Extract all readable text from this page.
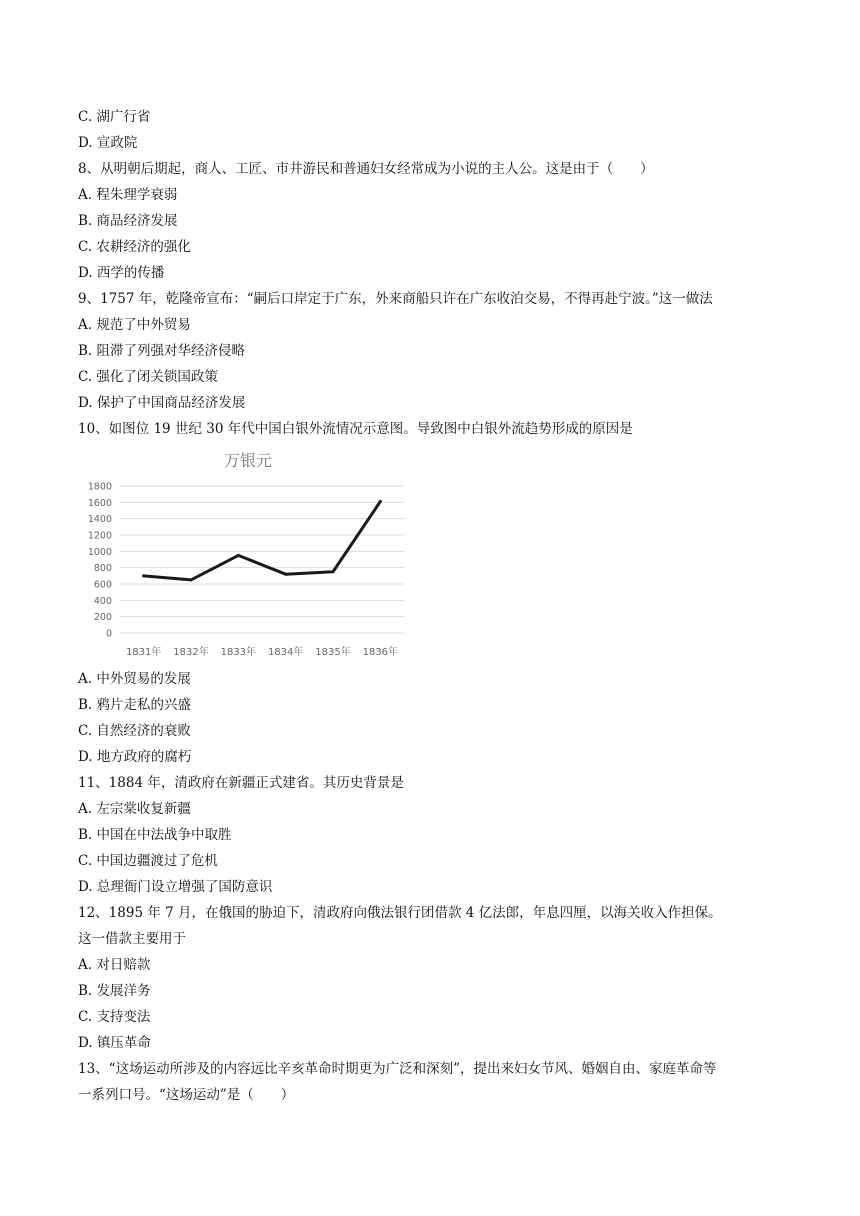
C. 湖广行省
D. 宣政院
8、从明朝后期起，商人、工匠、市井游民和普通妇女经常成为小说的主人公。这是由于（　　）
A. 程朱理学衰弱
B. 商品经济发展
C. 农耕经济的强化
D. 西学的传播
9、1757 年，乾隆帝宣布：“嗣后口岸定于广东，外来商船只许在广东收泊交易，不得再赴宁波。”这一做法
A. 规范了中外贸易
B. 阻滞了列强对华经济侵略
C. 强化了闭关锁国政策
D. 保护了中国商品经济发展
10、如图位 19 世纪 30 年代中国白银外流情况示意图。导致图中白银外流趋势形成的原因是
万银元
0
200
400
600
800
1000
1200
1400
1600
1800
1831年 1832年 1833年 1834年 1835年 1836年
A. 中外贸易的发展
B. 鸦片走私的兴盛
C. 自然经济的衰败
D. 地方政府的腐朽
11、1884 年，清政府在新疆正式建省。其历史背景是
A. 左宗棠收复新疆
B. 中国在中法战争中取胜
C. 中国边疆渡过了危机
D. 总理衙门设立增强了国防意识
12、1895 年 7 月，在俄国的胁迫下，清政府向俄法银行团借款 4 亿法郎，年息四厘，以海关收入作担保。
这一借款主要用于
A. 对日赔款
B. 发展洋务
C. 支持变法
D. 镇压革命
13、“这场运动所涉及的内容远比辛亥革命时期更为广泛和深刻”，提出来妇女节风、婚姻自由、家庭革命等
一系列口号。“这场运动”是（　　）
